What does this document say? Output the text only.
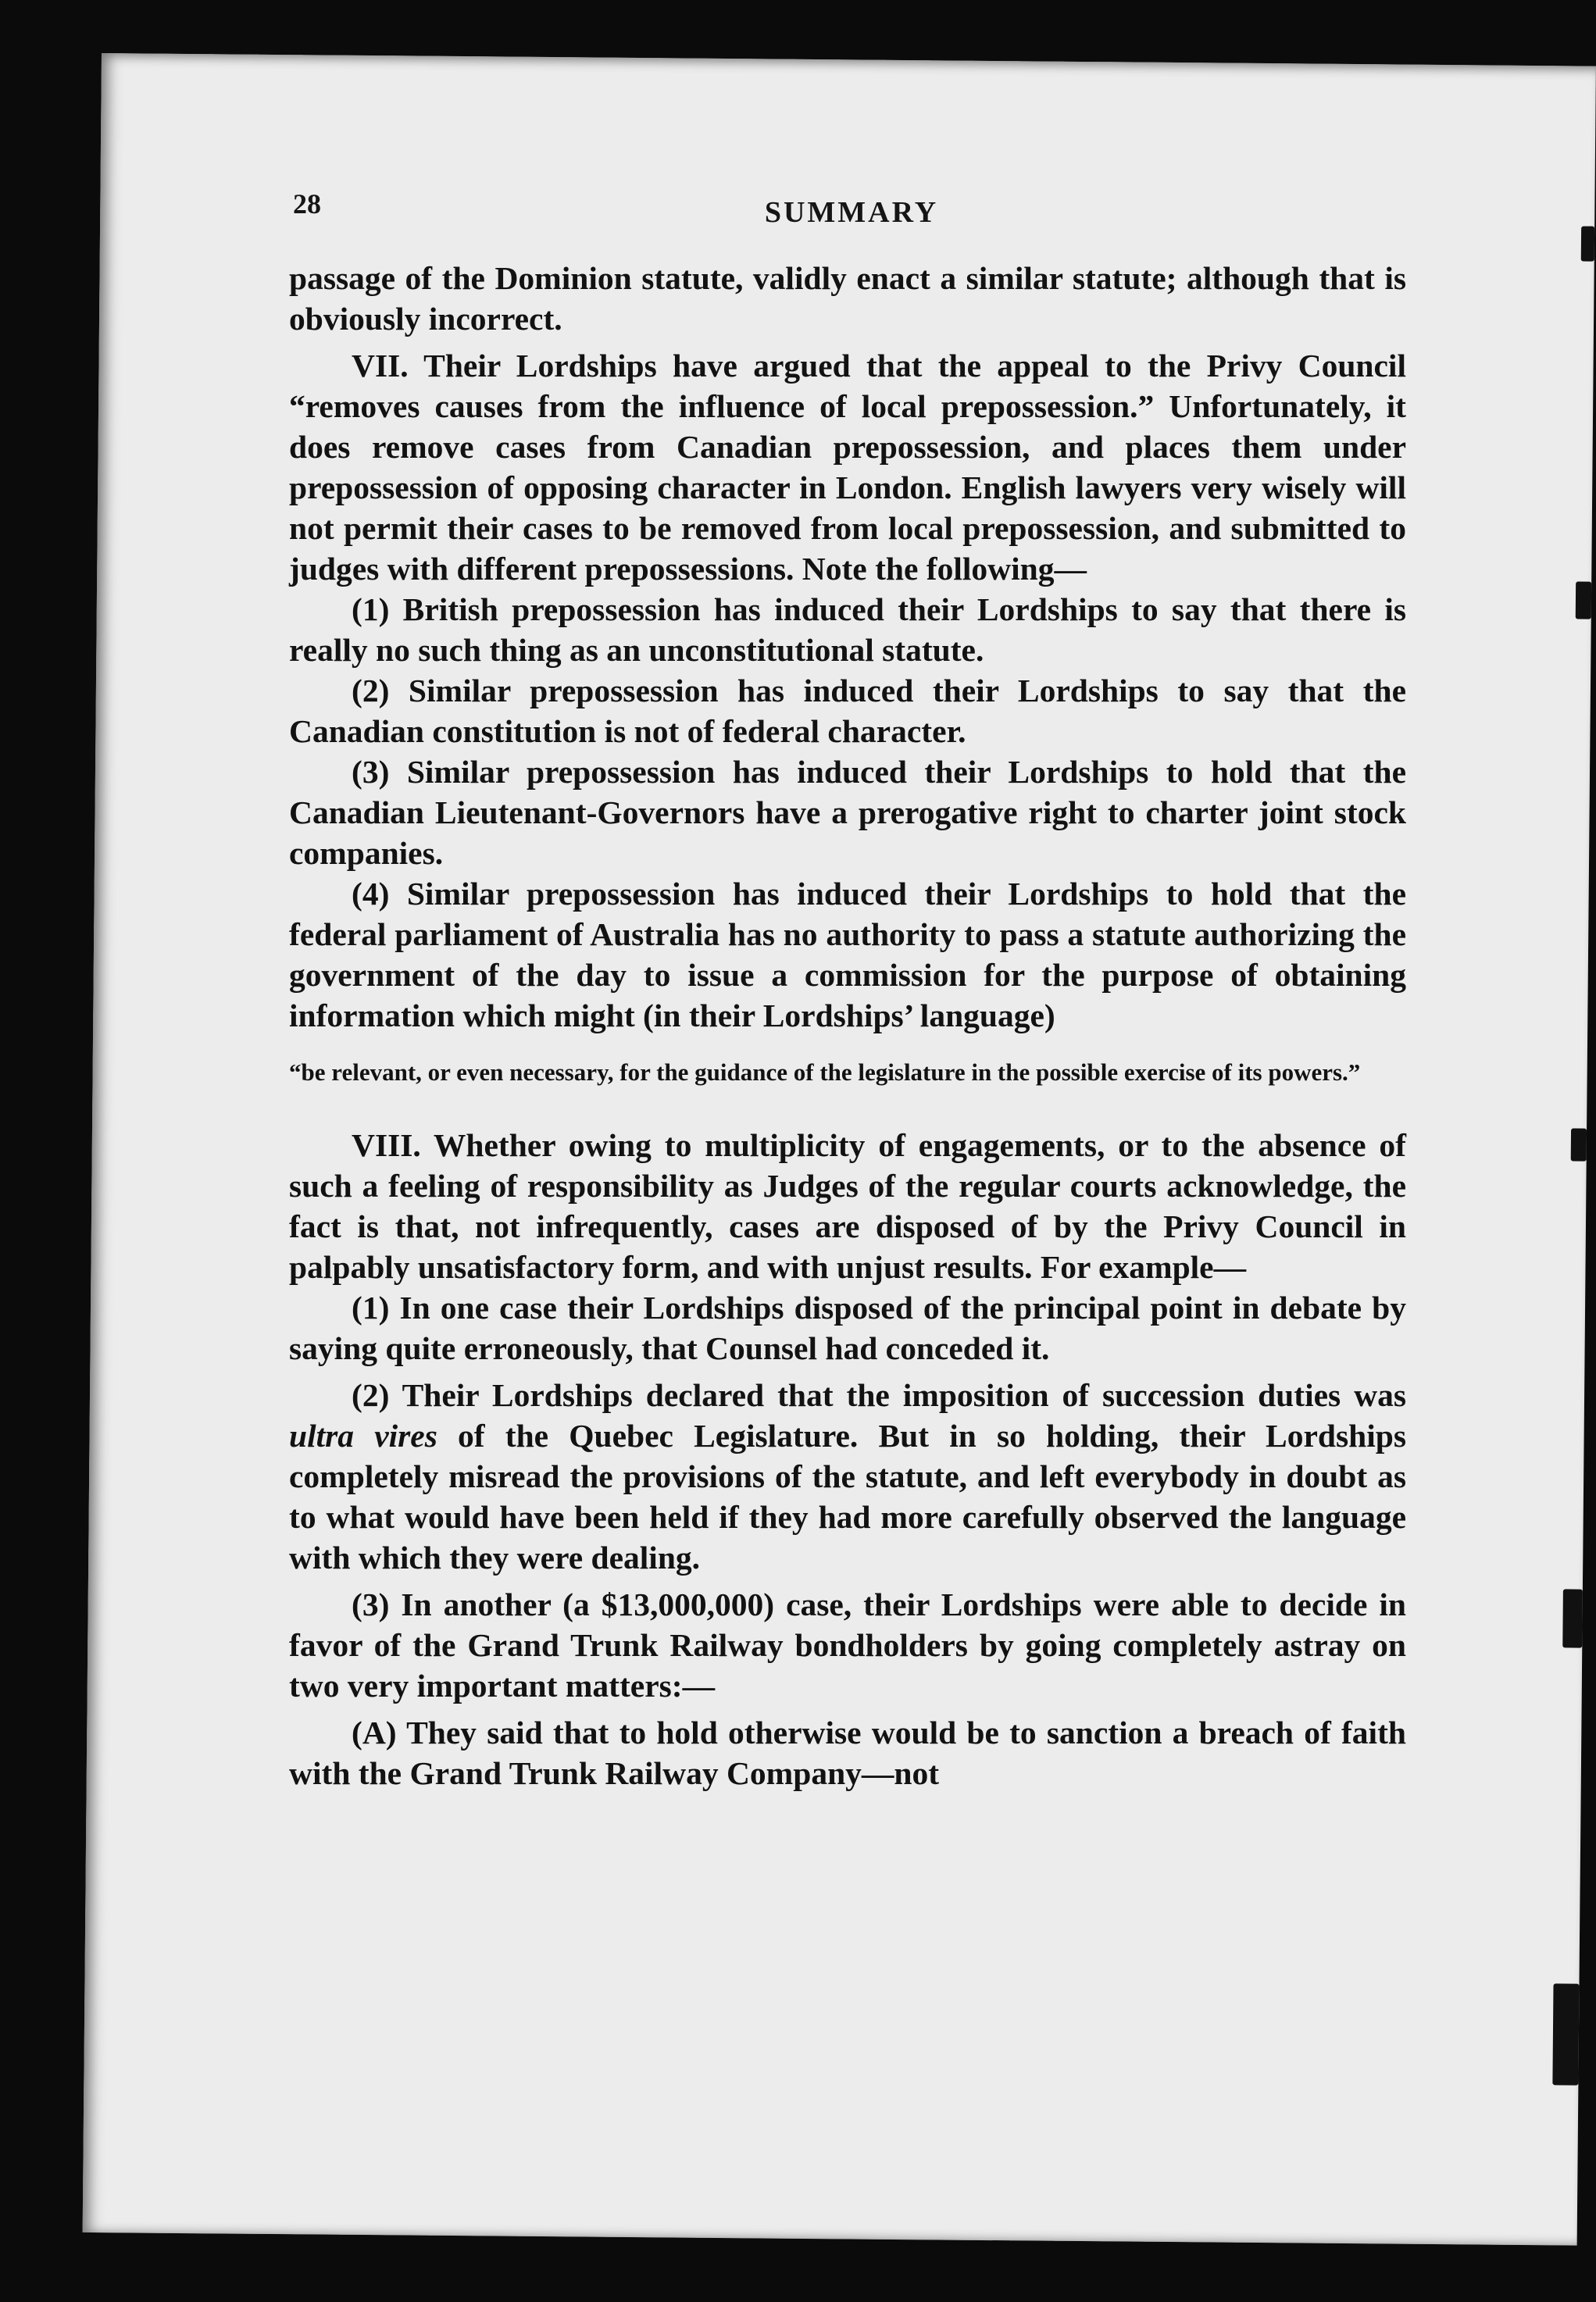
28	SUMMARY

passage of the Dominion statute, validly enact a similar statute; although that is obviously incorrect.

VII. Their Lordships have argued that the appeal to the Privy Council “removes causes from the influence of local prepossession.” Unfortunately, it does remove cases from Canadian prepossession, and places them under prepossession of opposing character in London. English lawyers very wisely will not permit their cases to be removed from local prepossession, and submitted to judges with different prepossessions. Note the following—

(1) British prepossession has induced their Lordships to say that there is really no such thing as an unconstitutional statute.

(2) Similar prepossession has induced their Lordships to say that the Canadian constitution is not of federal character.

(3) Similar prepossession has induced their Lordships to hold that the Canadian Lieutenant-Governors have a prerogative right to charter joint stock companies.

(4) Similar prepossession has induced their Lordships to hold that the federal parliament of Australia has no authority to pass a statute authorizing the government of the day to issue a commission for the purpose of obtaining information which might (in their Lordships’ language)

“be relevant, or even necessary, for the guidance of the legislature in the possible exercise of its powers.”

VIII. Whether owing to multiplicity of engagements, or to the absence of such a feeling of responsibility as Judges of the regular courts acknowledge, the fact is that, not infrequently, cases are disposed of by the Privy Council in palpably unsatisfactory form, and with unjust results. For example—

(1) In one case their Lordships disposed of the principal point in debate by saying quite erroneously, that Counsel had conceded it.

(2) Their Lordships declared that the imposition of succession duties was ultra vires of the Quebec Legislature. But in so holding, their Lordships completely misread the provisions of the statute, and left everybody in doubt as to what would have been held if they had more carefully observed the language with which they were dealing.

(3) In another (a $13,000,000) case, their Lordships were able to decide in favor of the Grand Trunk Railway bondholders by going completely astray on two very important matters:—

(A) They said that to hold otherwise would be to sanction a breach of faith with the Grand Trunk Railway Company—not
